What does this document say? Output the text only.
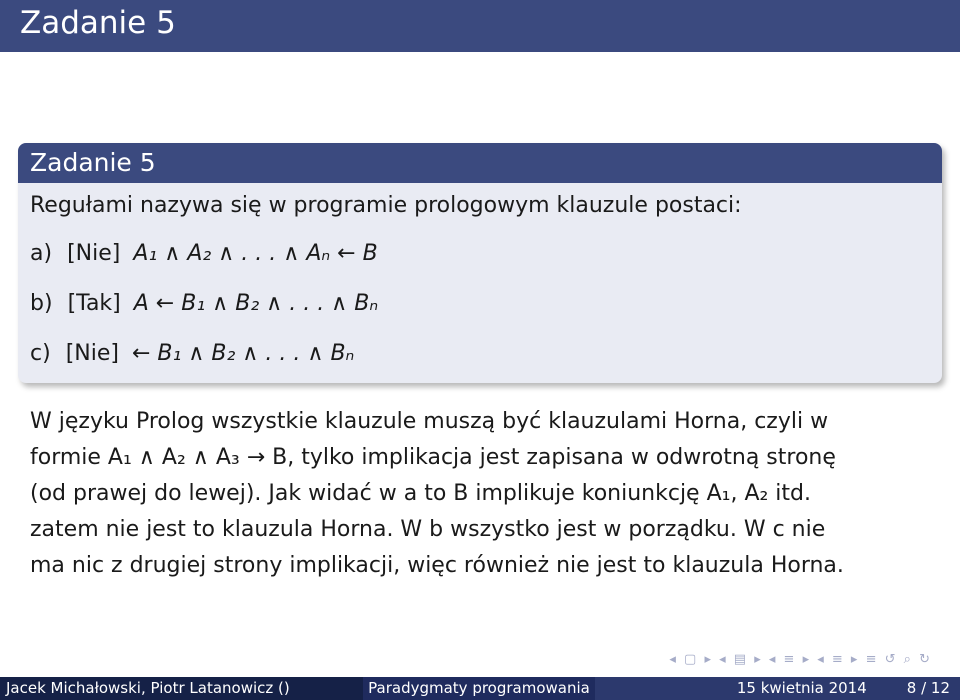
Zadanie 5
Zadanie 5
Regułami nazywa się w programie prologowym klauzule postaci:
a) [Nie] A₁ ∧ A₂ ∧ . . . ∧ Aₙ ← B
b) [Tak] A ← B₁ ∧ B₂ ∧ . . . ∧ Bₙ
c) [Nie] ← B₁ ∧ B₂ ∧ . . . ∧ Bₙ

W języku Prolog wszystkie klauzule muszą być klauzulami Horna, czyli w

formie A₁ ∧ A₂ ∧ A₃ → B, tylko implikacja jest zapisana w odwrotną stronę

(od prawej do lewej). Jak widać w a to B implikuje koniunkcję A₁, A₂ itd.

zatem nie jest to klauzula Horna. W b wszystko jest w porządku. W c nie

ma nic z drugiej strony implikacji, więc również nie jest to klauzula Horna.

◂ ▢ ▸ ◂ ▤ ▸ ◂ ≡ ▸ ◂ ≡ ▸ ≡ ↺ ⌕ ↻
Jacek Michałowski, Piotr Latanowicz ()	Paradygmaty programowania	15 kwietnia 2014	8 / 12
